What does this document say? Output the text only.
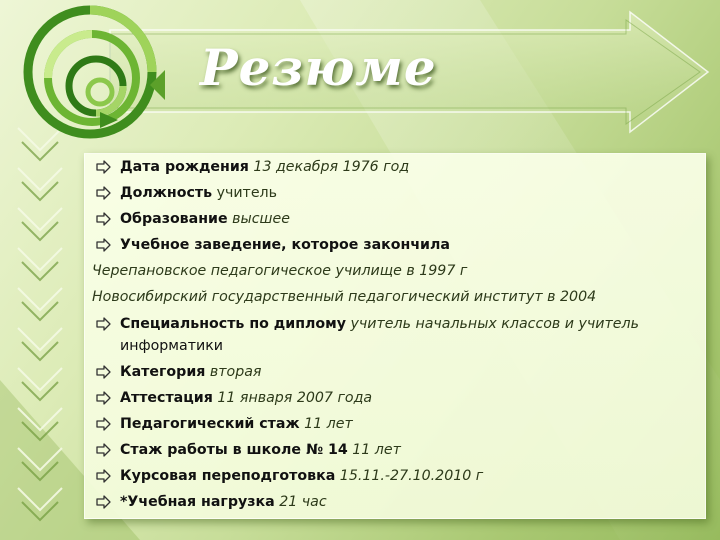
Резюме
Дата рождения 13 декабря 1976 год
Должность учитель
Образование высшее
Учебное заведение, которое закончила
Черепановское педагогическое училище в 1997 г
Новосибирский государственный педагогический институт в 2004
Специальность по диплому учитель начальных классов и учитель
информатики
Категория вторая
Аттестация 11 января 2007 года
Педагогический стаж 11 лет
Стаж работы в школе № 14 11 лет
Курсовая переподготовка 15.11.-27.10.2010 г
*Учебная нагрузка 21 час
